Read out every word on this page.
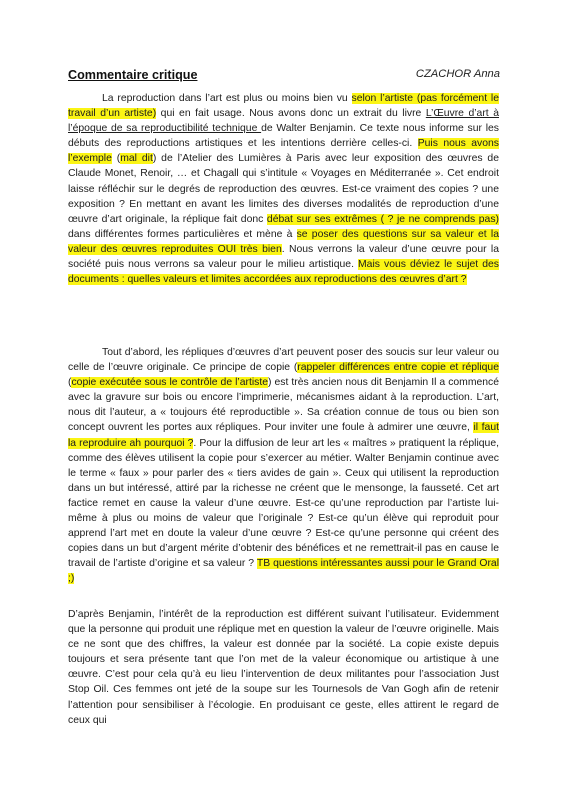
Commentaire critique	CZACHOR Anna

La reproduction dans l’art est plus ou moins bien vu selon l’artiste (pas forcément le travail d’un artiste) qui en fait usage. Nous avons donc un extrait du livre L’Œuvre d’art à l’époque de sa reproductibilité technique de Walter Benjamin. Ce texte nous informe sur les débuts des reproductions artistiques et les intentions derrière celles-ci. Puis nous avons l’exemple (mal dit) de l’Atelier des Lumières à Paris avec leur exposition des œuvres de Claude Monet, Renoir, … et Chagall qui s’intitule « Voyages en Méditerranée ». Cet endroit laisse réfléchir sur le degrés de reproduction des œuvres. Est-ce vraiment des copies ? une exposition ? En mettant en avant les limites des diverses modalités de reproduction d’une œuvre d’art originale, la réplique fait donc débat sur ses extrêmes ( ? je ne comprends pas) dans différentes formes particulières et mène à se poser des questions sur sa valeur et la valeur des œuvres reproduites OUI très bien. Nous verrons la valeur d’une œuvre pour la société puis nous verrons sa valeur pour le milieu artistique. Mais vous déviez le sujet des documents : quelles valeurs et limites accordées aux reproductions des œuvres d’art ?

Tout d’abord, les répliques d’œuvres d’art peuvent poser des soucis sur leur valeur ou celle de l’œuvre originale. Ce principe de copie (rappeler différences entre copie et réplique (copie exécutée sous le contrôle de l’artiste) est très ancien nous dit Benjamin Il a commencé avec la gravure sur bois ou encore l’imprimerie, mécanismes aidant à la reproduction. L’art, nous dit l’auteur, a « toujours été reproductible ». Sa création connue de tous ou bien son concept ouvrent les portes aux répliques. Pour inviter une foule à admirer une œuvre, il faut la reproduire ah pourquoi ?. Pour la diffusion de leur art les « maîtres » pratiquent la réplique, comme des élèves utilisent la copie pour s’exercer au métier. Walter Benjamin continue avec le terme « faux » pour parler des « tiers avides de gain ». Ceux qui utilisent la reproduction dans un but intéressé, attiré par la richesse ne créent que le mensonge, la fausseté. Cet art factice remet en cause la valeur d’une œuvre. Est-ce qu’une reproduction par l’artiste lui-même à plus ou moins de valeur que l’originale ? Est-ce qu’un élève qui reproduit pour apprend l’art met en doute la valeur d’une œuvre ? Est-ce qu’une personne qui créent des copies dans un but d’argent mérite d’obtenir des bénéfices et ne remettrait-il pas en cause le travail de l’artiste d’origine et sa valeur ? TB questions intéressantes aussi pour le Grand Oral ;)

D’après Benjamin, l’intérêt de la reproduction est différent suivant l’utilisateur. Evidemment que la personne qui produit une réplique met en question la valeur de l’œuvre originelle. Mais ce ne sont que des chiffres, la valeur est donnée par la société. La copie existe depuis toujours et sera présente tant que l’on met de la valeur économique ou artistique à une œuvre. C’est pour cela qu’à eu lieu l’intervention de deux militantes pour l’association Just Stop Oil. Ces femmes ont jeté de la soupe sur les Tournesols de Van Gogh afin de retenir l’attention pour sensibiliser à l’écologie. En produisant ce geste, elles attirent le regard de ceux qui
